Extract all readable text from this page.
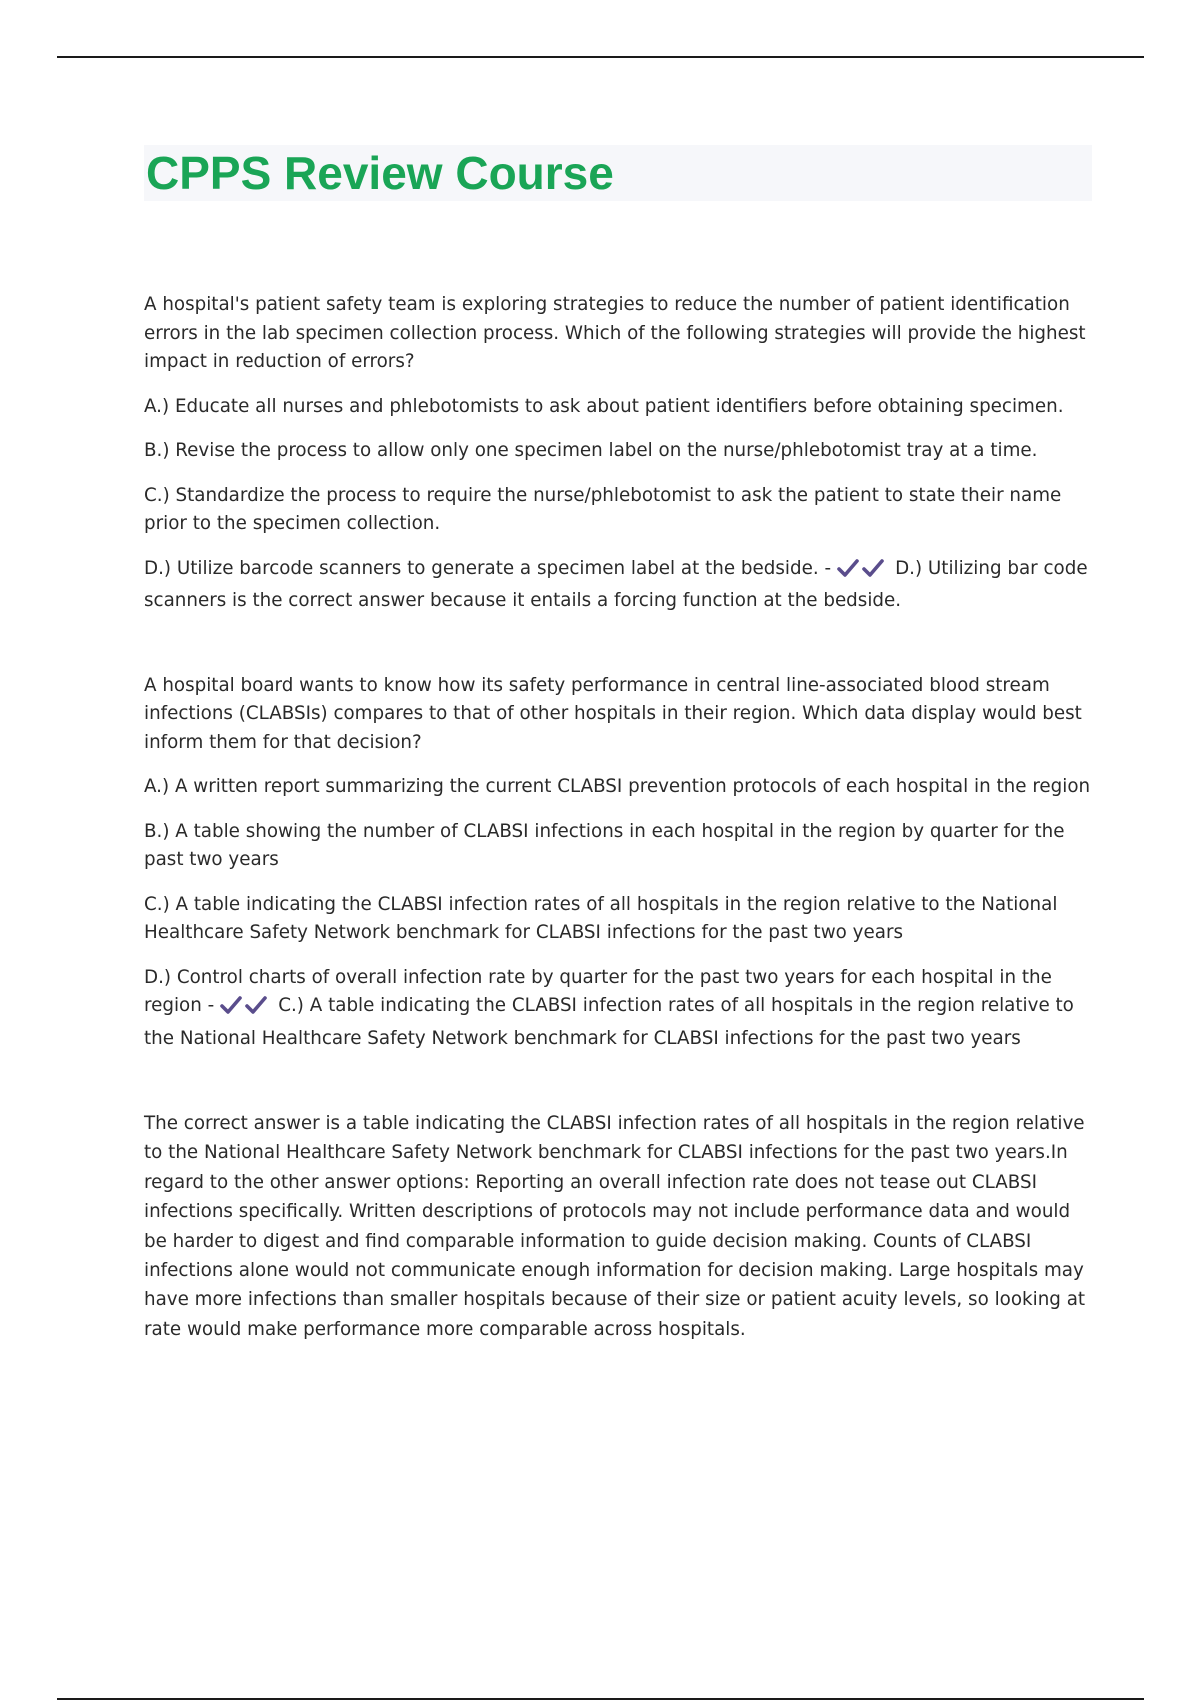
CPPS Review Course

A hospital's patient safety team is exploring strategies to reduce the number of patient identification errors in the lab specimen collection process. Which of the following strategies will provide the highest impact in reduction of errors?

A.) Educate all nurses and phlebotomists to ask about patient identifiers before obtaining specimen.

B.) Revise the process to allow only one specimen label on the nurse/phlebotomist tray at a time.

C.) Standardize the process to require the nurse/phlebotomist to ask the patient to state their name prior to the specimen collection.

D.) Utilize barcode scanners to generate a specimen label at the bedside. -	D.) Utilizing bar code scanners is the correct answer because it entails a forcing function at the bedside.

A hospital board wants to know how its safety performance in central line-associated blood stream infections (CLABSIs) compares to that of other hospitals in their region. Which data display would best inform them for that decision?

A.) A written report summarizing the current CLABSI prevention protocols of each hospital in the region

B.) A table showing the number of CLABSI infections in each hospital in the region by quarter for the past two years

C.) A table indicating the CLABSI infection rates of all hospitals in the region relative to the National Healthcare Safety Network benchmark for CLABSI infections for the past two years

D.) Control charts of overall infection rate by quarter for the past two years for each hospital in the region -	C.) A table indicating the CLABSI infection rates of all hospitals in the region relative to the National Healthcare Safety Network benchmark for CLABSI infections for the past two years

The correct answer is a table indicating the CLABSI infection rates of all hospitals in the region relative to the National Healthcare Safety Network benchmark for CLABSI infections for the past two years.In regard to the other answer options: Reporting an overall infection rate does not tease out CLABSI infections specifically. Written descriptions of protocols may not include performance data and would be harder to digest and find comparable information to guide decision making. Counts of CLABSI infections alone would not communicate enough information for decision making. Large hospitals may have more infections than smaller hospitals because of their size or patient acuity levels, so looking at rate would make performance more comparable across hospitals.
